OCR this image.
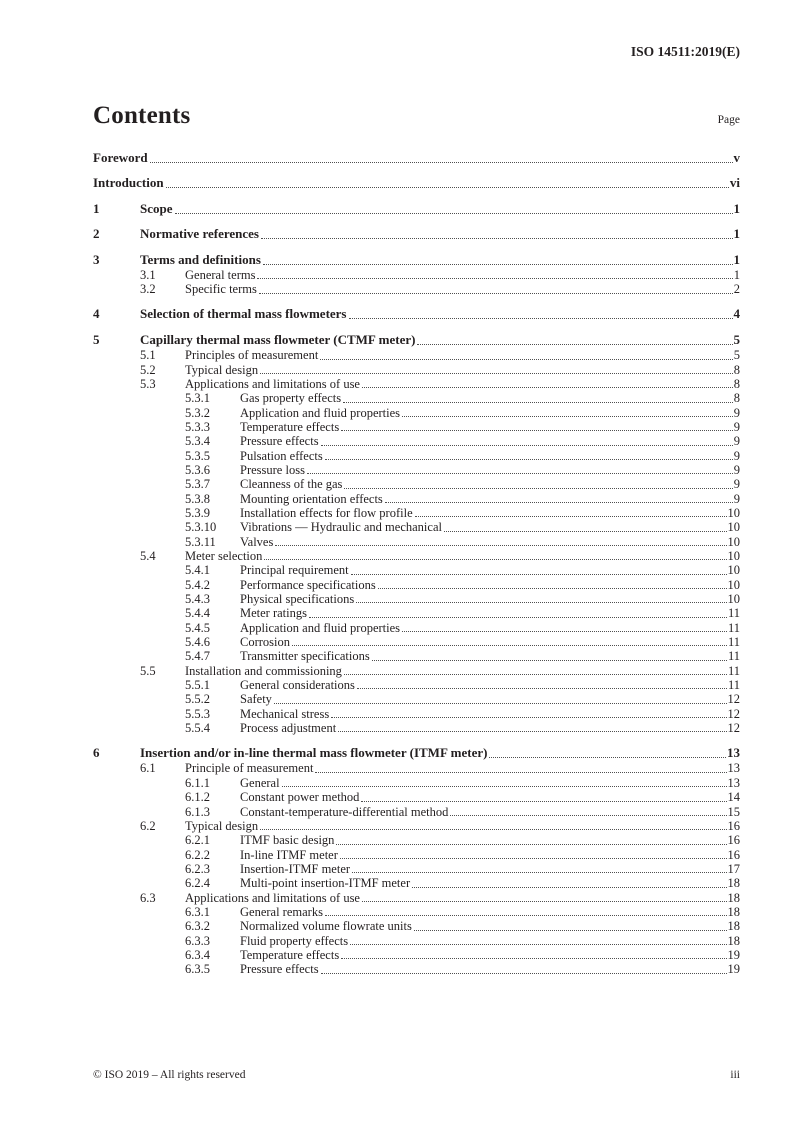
ISO 14511:2019(E)
Contents	Page
Foreword	v
Introduction	vi
1	Scope	1
2	Normative references	1
3	Terms and definitions	1
3.1	General terms	1
3.2	Specific terms	2
4	Selection of thermal mass flowmeters	4
5	Capillary thermal mass flowmeter (CTMF meter)	5
5.1	Principles of measurement	5
5.2	Typical design	8
5.3	Applications and limitations of use	8
5.3.1	Gas property effects	8
5.3.2	Application and fluid properties	9
5.3.3	Temperature effects	9
5.3.4	Pressure effects	9
5.3.5	Pulsation effects	9
5.3.6	Pressure loss	9
5.3.7	Cleanness of the gas	9
5.3.8	Mounting orientation effects	9
5.3.9	Installation effects for flow profile	10
5.3.10	Vibrations — Hydraulic and mechanical	10
5.3.11	Valves	10
5.4	Meter selection	10
5.4.1	Principal requirement	10
5.4.2	Performance specifications	10
5.4.3	Physical specifications	10
5.4.4	Meter ratings	11
5.4.5	Application and fluid properties	11
5.4.6	Corrosion	11
5.4.7	Transmitter specifications	11
5.5	Installation and commissioning	11
5.5.1	General considerations	11
5.5.2	Safety	12
5.5.3	Mechanical stress	12
5.5.4	Process adjustment	12
6	Insertion and/or in-line thermal mass flowmeter (ITMF meter)	13
6.1	Principle of measurement	13
6.1.1	General	13
6.1.2	Constant power method	14
6.1.3	Constant-temperature-differential method	15
6.2	Typical design	16
6.2.1	ITMF basic design	16
6.2.2	In-line ITMF meter	16
6.2.3	Insertion-ITMF meter	17
6.2.4	Multi-point insertion-ITMF meter	18
6.3	Applications and limitations of use	18
6.3.1	General remarks	18
6.3.2	Normalized volume flowrate units	18
6.3.3	Fluid property effects	18
6.3.4	Temperature effects	19
6.3.5	Pressure effects	19
© ISO 2019 – All rights reserved	iii
